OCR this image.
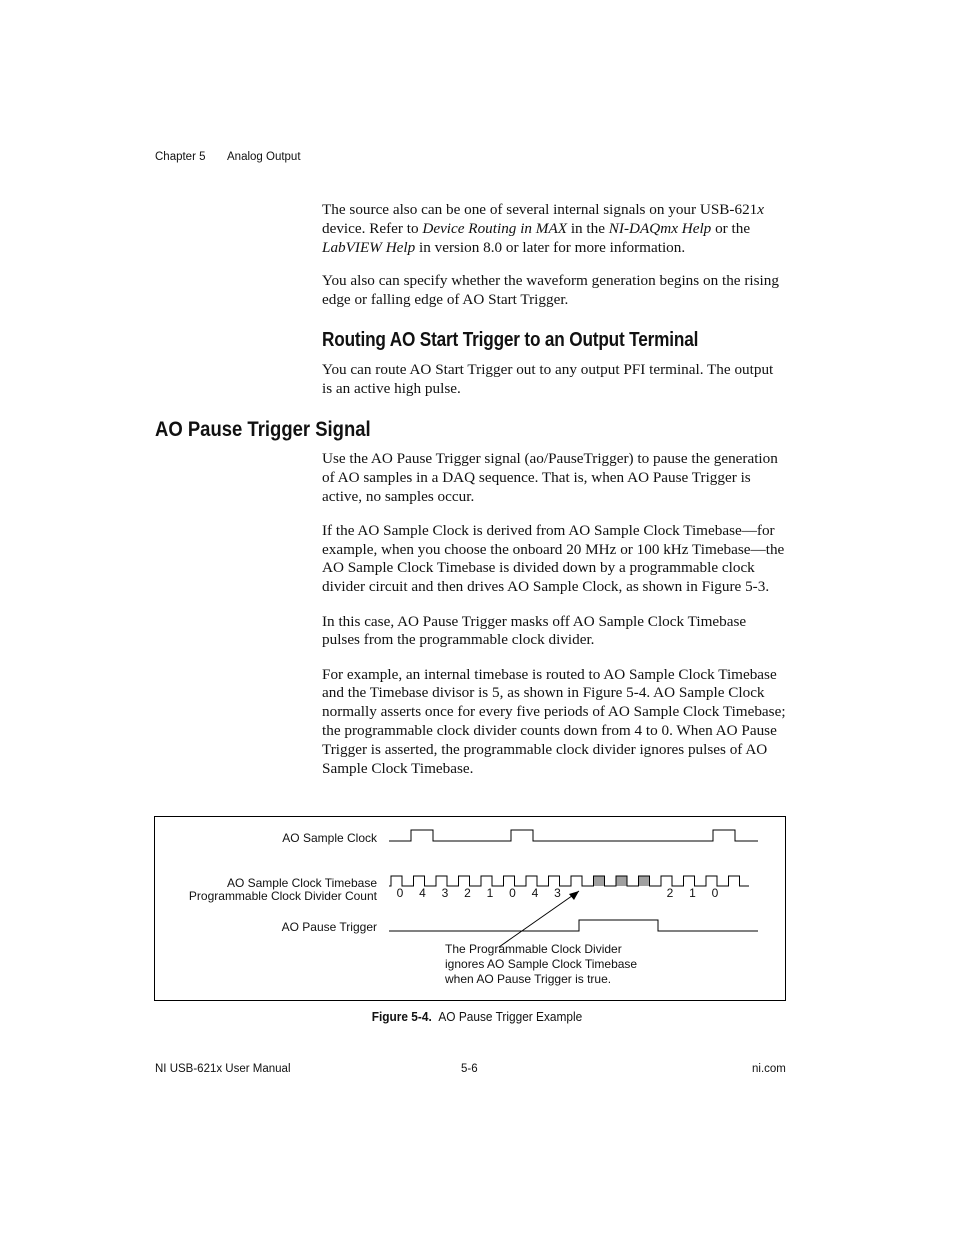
Chapter 5 Analog Output

The source also can be one of several internal signals on your USB-621x device. Refer to Device Routing in MAX in the NI-DAQmx Help or the LabVIEW Help in version 8.0 or later for more information.

You also can specify whether the waveform generation begins on the rising edge or falling edge of AO Start Trigger.

Routing AO Start Trigger to an Output Terminal

You can route AO Start Trigger out to any output PFI terminal. The output is an active high pulse.

AO Pause Trigger Signal

Use the AO Pause Trigger signal (ao/PauseTrigger) to pause the generation of AO samples in a DAQ sequence. That is, when AO Pause Trigger is active, no samples occur.

If the AO Sample Clock is derived from AO Sample Clock Timebase—for example, when you choose the onboard 20 MHz or 100 kHz Timebase—the AO Sample Clock Timebase is divided down by a programmable clock divider circuit and then drives AO Sample Clock, as shown in Figure 5-3.

In this case, AO Pause Trigger masks off AO Sample Clock Timebase pulses from the programmable clock divider.

For example, an internal timebase is routed to AO Sample Clock Timebase and the Timebase divisor is 5, as shown in Figure 5-4. AO Sample Clock normally asserts once for every five periods of AO Sample Clock Timebase; the programmable clock divider counts down from 4 to 0. When AO Pause Trigger is asserted, the programmable clock divider ignores pulses of AO Sample Clock Timebase.

AO Sample Clock
AO Sample Clock Timebase
Programmable Clock Divider Count
AO Pause Trigger
0 4 3 2 1 0 4 3	2 1 0
The Programmable Clock Divider
ignores AO Sample Clock Timebase
when AO Pause Trigger is true.
Figure 5-4. AO Pause Trigger Example
NI USB-621x User Manual	5-6	ni.com
